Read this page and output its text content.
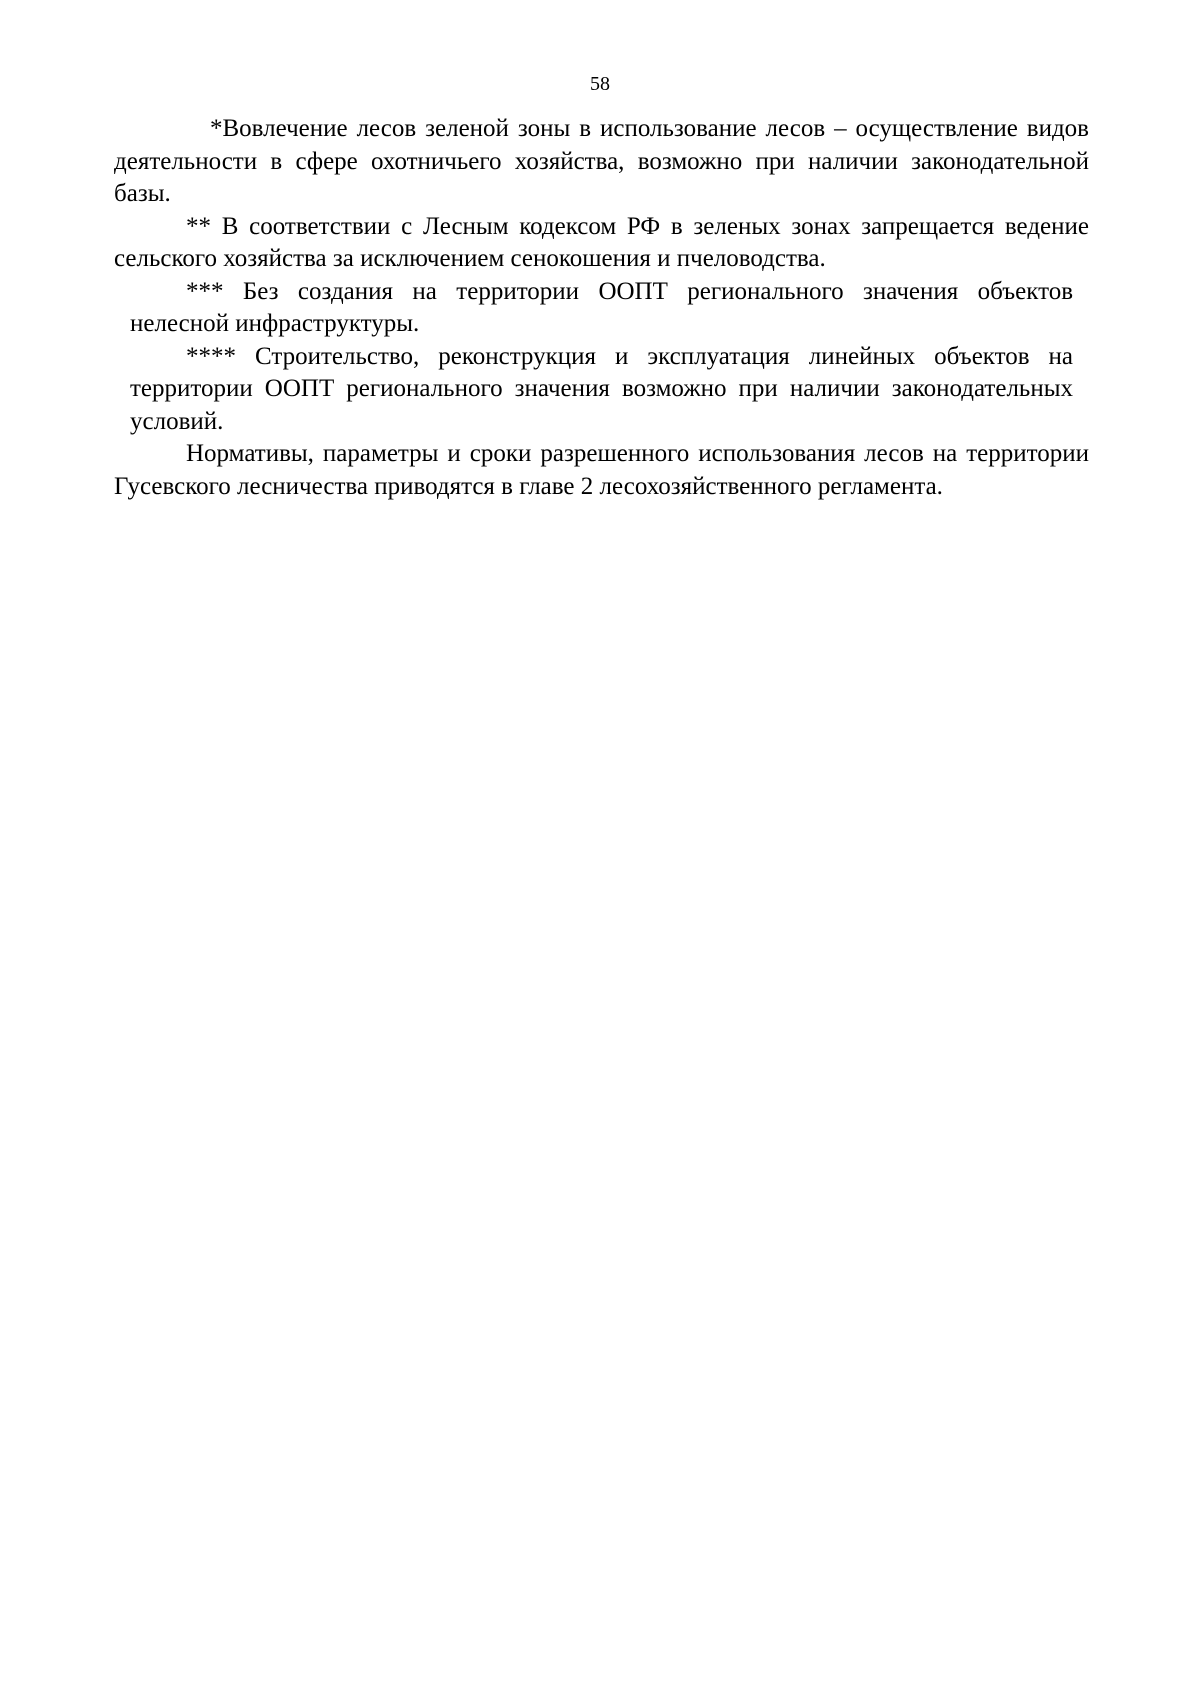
58

*Вовлечение лесов зеленой зоны в использование лесов – осуществление видов деятельности в сфере охотничьего хозяйства, возможно при наличии законодательной базы.

** В соответствии с Лесным кодексом РФ в зеленых зонах запрещается ведение сельского хозяйства за исключением сенокошения и пчеловодства.

*** Без создания на территории ООПТ регионального значения объектов нелесной инфраструктуры.

**** Строительство, реконструкция и эксплуатация линейных объектов на территории ООПТ регионального значения возможно при наличии законодательных условий.

Нормативы, параметры и сроки разрешенного использования лесов на территории Гусевского лесничества приводятся в главе 2 лесохозяйственного регламента.
